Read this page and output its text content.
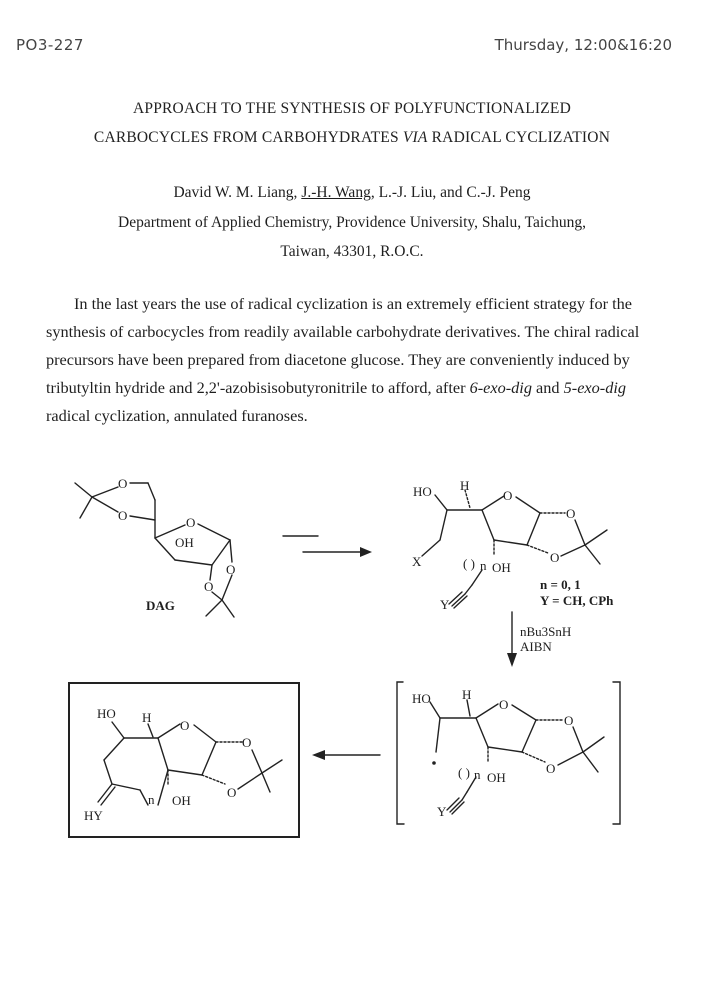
PO3-227	Thursday, 12:00&16:20
APPROACH TO THE SYNTHESIS OF POLYFUNCTIONALIZED
CARBOCYCLES FROM CARBOHYDRATES VIA RADICAL CYCLIZATION
David W. M. Liang, J.-H. Wang, L.-J. Liu, and C.-J. Peng
Department of Applied Chemistry, Providence University, Shalu, Taichung,
Taiwan, 43301, R.O.C.

In the last years the use of radical cyclization is an extremely efficient strategy for the synthesis of carbocycles from readily available carbohydrate derivatives. The chiral radical precursors have been prepared from diacetone glucose. They are conveniently induced by tributyltin hydride and 2,2'-azobisisobutyronitrile to afford, after 6-exo-dig and 5-exo-dig radical cyclization, annulated furanoses.

O
O
OH
O
O
O
DAG
HO H
O
O
O
X	( ) n OH
Y
n = 0, 1
Y = CH, CPh
nBu3SnH
AIBN
HO H
O
O
O
( ) n OH
Y
HO H
O
O
O
n OH
HY
